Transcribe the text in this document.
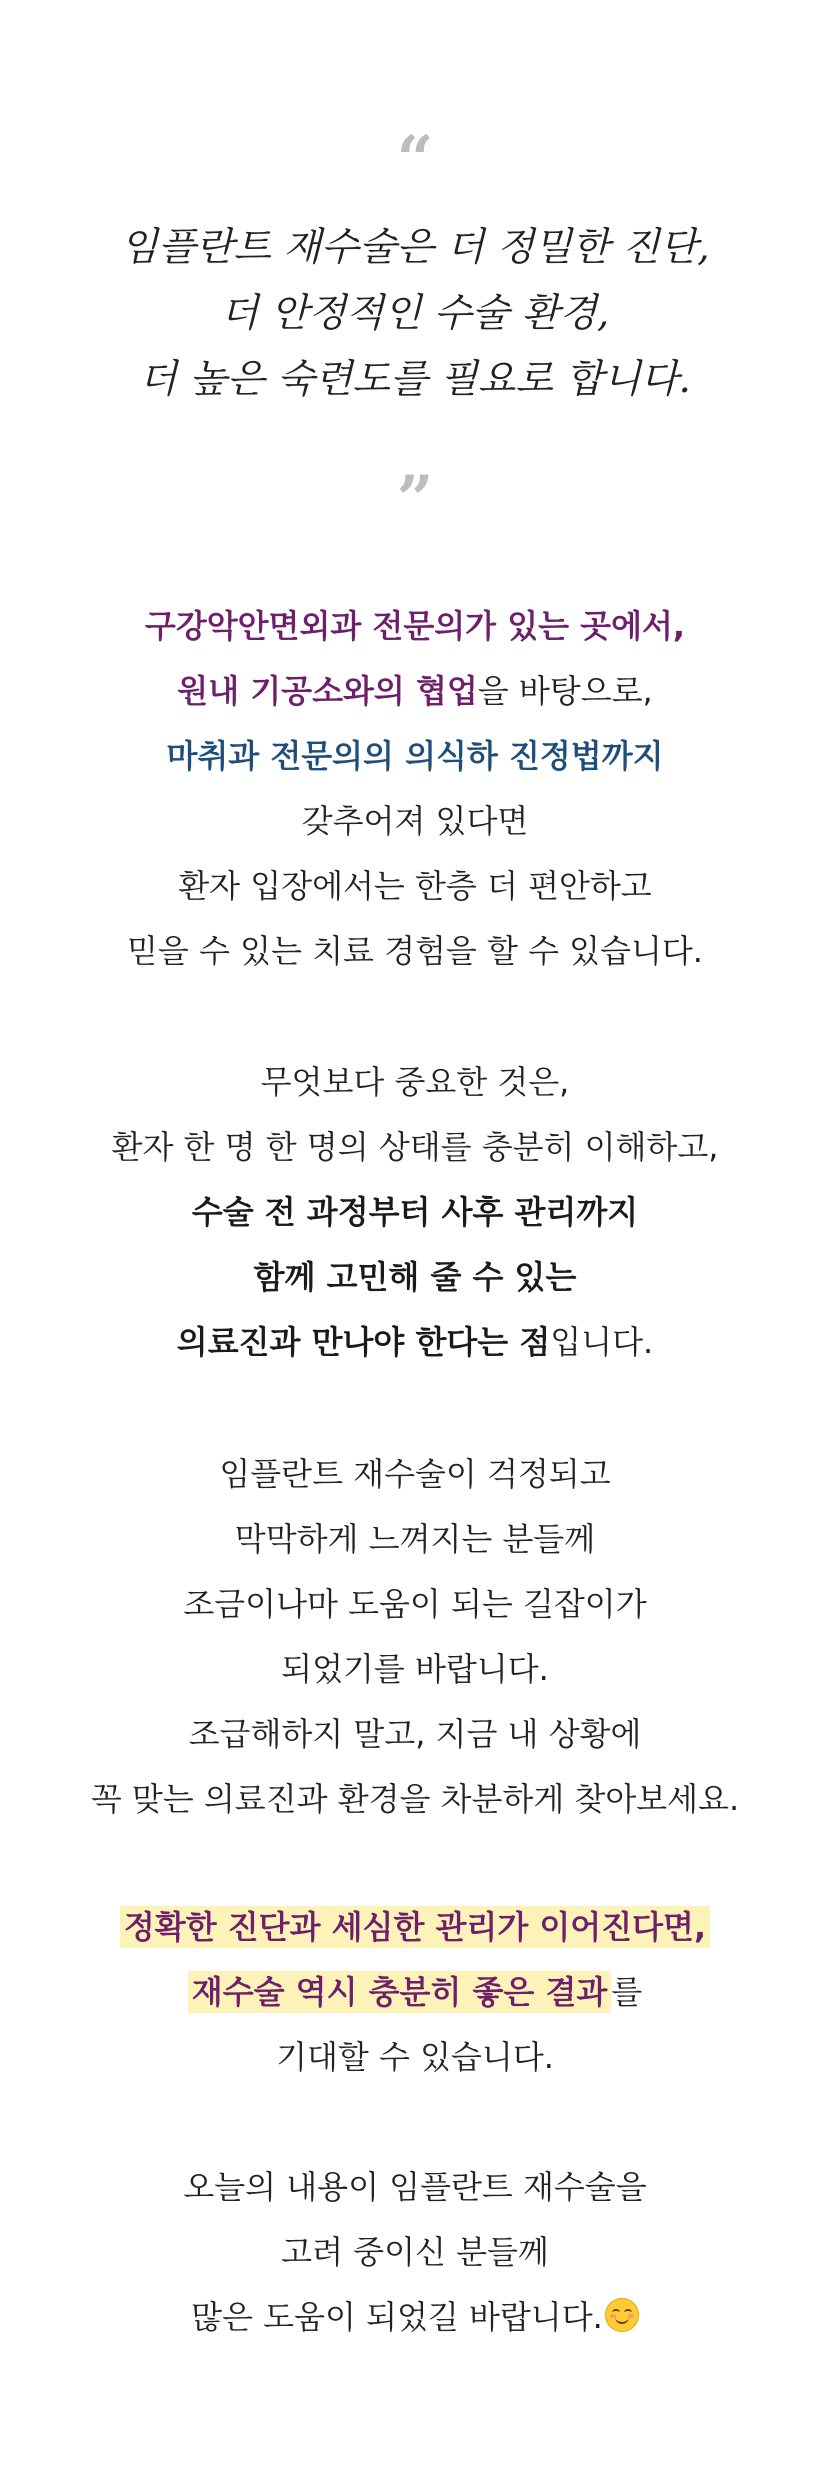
“
임플란트 재수술은 더 정밀한 진단,
더 안정적인 수술 환경,
더 높은 숙련도를 필요로 합니다.
”
구강악안면외과 전문의가 있는 곳에서,
원내 기공소와의 협업을 바탕으로,
마취과 전문의의 의식하 진정법까지
갖추어져 있다면
환자 입장에서는 한층 더 편안하고
믿을 수 있는 치료 경험을 할 수 있습니다.
무엇보다 중요한 것은,
환자 한 명 한 명의 상태를 충분히 이해하고,
수술 전 과정부터 사후 관리까지
함께 고민해 줄 수 있는
의료진과 만나야 한다는 점입니다.
임플란트 재수술이 걱정되고
막막하게 느껴지는 분들께
조금이나마 도움이 되는 길잡이가
되었기를 바랍니다.
조급해하지 말고, 지금 내 상황에
꼭 맞는 의료진과 환경을 차분하게 찾아보세요.
정확한 진단과 세심한 관리가 이어진다면,
재수술 역시 충분히 좋은 결과 를
기대할 수 있습니다.
오늘의 내용이 임플란트 재수술을
고려 중이신 분들께
많은 도움이 되었길 바랍니다.
